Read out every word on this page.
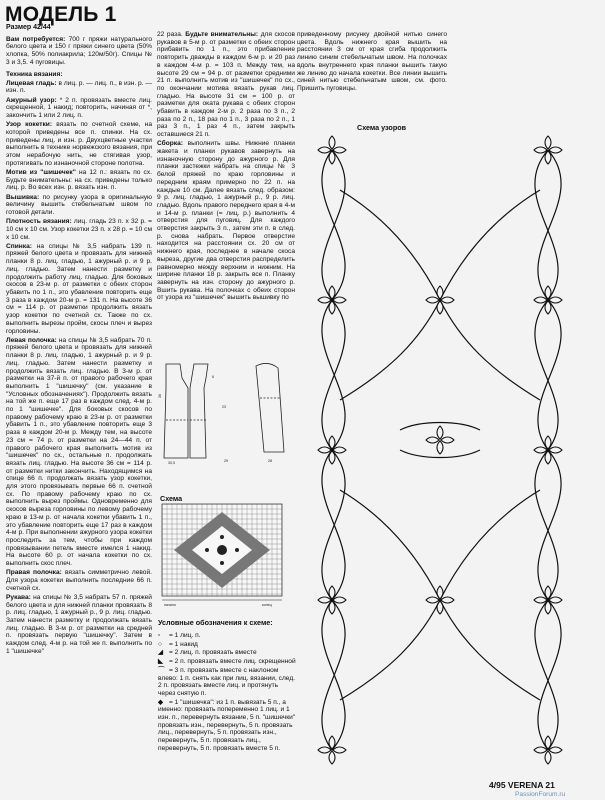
МОДЕЛЬ 1

Размер 42/44

Вам потребуется: 700 г пряжи натурального белого цвета и 150 г пряжи синего цвета (50% хлопка, 50% полиакрила; 120м/50г). Спицы № 3 и 3,5. 4 пуговицы.

Техника вязания:

Лицевая гладь: в лиц. р. — лиц. п., в изн. р. — изн. п.

Ажурный узор: * 2 п. провязать вместе лиц. скрещенной, 1 накид; повторить, начиная от *, закончить 1 или 2 лиц. п.

Узор кокетки: вязать по счетной схеме, на которой приведены все п. спинки. На сх. приведены лиц. и изн. р. Двухцветные участки выполнить в технике норвежского вязания, при этом нерабочую нить, не стягивая узор, протягивать по изнаночной стороне полотна.

Мотив из "шишечек" на 12 п.: вязать по сх. Будьте внимательны: на сх. приведены только лиц. р. Во всех изн. р. вязать изн. п.

Вышивка: по рисунку узора в оригинальную величину вышить стебельчатым швом по готовой детали.

Плотность вязания: лиц. гладь 23 п. x 32 р. = 10 см x 10 см. Узор кокетки 23 п. x 28 р. = 10 см x 10 см.

Спинка: на спицы № 3,5 набрать 139 п. пряжей белого цвета и провязать для нижней планки 8 р. лиц. гладью, 1 ажурный р. и 9 р. лиц. гладью. Затем нанести разметку и продолжить работу лиц. гладью. Для боковых скосов в 23-м р. от разметки с обеих сторон убавить по 1 п., это убавление повторить еще 3 раза в каждом 20-м р. = 131 п. На высоте 36 см = 114 р. от разметки продолжить вязать узор кокетки по счетной сх. Также по сх. выполнить вырезы пройм, скосы плеч и вырез горловины.

Левая полочка: на спицы № 3,5 набрать 70 п. пряжей белого цвета и провязать для нижней планки 8 р. лиц. гладью, 1 ажурный р. и 9 р. лиц. гладью. Затем нанести разметку и продолжить вязать лиц. гладью. В 3-м р. от разметки на 37-й п. от правого рабочего края выполнить 1 "шишечку" (см. указание в "Условных обозначениях"). Продолжить вязать на той же п. еще 17 раз в каждом след. 4-м р. по 1 "шишечке". Для боковых скосов по правому рабочему краю в 23-м р. от разметки убавить 1 п., это убавление повторить еще 3 раза в каждом 20-м р. Между тем, на высоте 23 см = 74 р. от разметки на 24—44 п. от правого рабочего края выполнить мотив из "шишечек" по сх., остальные п. продолжать вязать лиц. гладью. На высоте 36 см = 114 р. от разметки нитки закончить. Находящимся на спице 66 п. продолжать вязать узор кокетки, для этого провязывать первые 66 п. счетной сх. По правому рабочему краю по сх. выполнить вырез проймы. Одновременно для скосов выреза горловины по левому рабочему краю в 13-м р. от начала кокетки убавить 1 п., это убавление повторить еще 17 раз в каждом 4-м р. При выполнении ажурного узора кокетки проследить за тем, чтобы при каждом провязывании петель вместе имелся 1 накид. На высоте 60 р. от начала кокетки по сх. выполнить скос плеч.

Правая полочка: вязать симметрично левой. Для узора кокетки выполнить последние 66 п. счетной сх.

Рукава: на спицы № 3,5 набрать 57 п. пряжей белого цвета и для нижней планки провязать 8 р. лиц. гладью, 1 ажурный р., 9 р. лиц. гладью. Затем нанести разметку и продолжать вязать лиц. гладью. В 3-м р. от разметки на средней п. провязать первую "шишечку". Затем в каждом след. 4-м р. на той же п. выполнить по 1 "шишечке"

22 раза. Будьте внимательны: для скосов рукавов в 5-м р. от разметки с обеих сторон прибавить по 1 п., это прибавление повторить дважды в каждом 6-м р. и 20 раз в каждом 4-м р. = 103 п. Между тем, на высоте 29 см = 94 р. от разметки средними 21 п. выполнить мотив из "шишечек" по сх., по окончании мотива вязать рукав лиц. гладью. На высоте 31 см = 100 р. от разметки для оката рукава с обеих сторон убавить в каждом 2-м р. 2 раза по 3 п., 2 раза по 2 п., 18 раз по 1 п., 3 раза по 2 п., 1 раз 3 п., 1 раз 4 п., затем закрыть оставшиеся 21 п.

Сборка: выполнить швы. Нижние планки жакета и планки рукавов завернуть на изнаночную сторону до ажурного р. Для планки застежки набрать на спицы № 3 белой пряжей по краю горловины и передним краям примерно по 22 п. на каждые 10 см. Далее вязать след. образом: 9 р. лиц. гладью, 1 ажурный р., 9 р. лиц. гладью. Вдоль правого переднего края в 4-м и 14-м р. планки (= лиц. р.) выполнить 4 отверстия для пуговиц. Для каждого отверстия закрыть 3 п., затем эти п. в след. р. снова набрать. Первое отверстие находится на расстоянии сх. 20 см от нижнего края, последнее в начале скоса выреза, другие два отверстия распределить равномерно между верхним и нижним. На ширине планки 18 р. закрыть все п. Планку завернуть на изн. сторону до ажурного р. Вшить рукава. На полочках с обеих сторон от узора из "шишечек" вышить вышивку по

36
6
23
30,5	29	28
Схема
начало	конец
Условные обозначения к схеме:
▫ = 1 лиц. п.
○ = 1 накид
◢ = 2 лиц. п. провязать вместе
◣ = 2 п. провязать вместе лиц. скрещенной
⌒ = 3 п. провязать вместе с наклоном влево: 1 п. снять как при лиц. вязании, след. 2 п. провязать вместе лиц. и протянуть через снятую п.
◆ = 1 "шишечка": из 1 п. вывязать 5 п., а именно: провязать попеременно 1 лиц. и 1 изн. п., перевернуть вязание, 5 п. "шишечки" провязать изн., перевернуть, 5 п. провязать лиц., перевернуть, 5 п. провязать изн., перевернуть, 5 п. провязать лиц., перевернуть, 5 п. провязать вместе 5 п.

приведенному рисунку двойной нитью синего цвета. Вдоль нижнего края вышить на расстоянии 3 см от края сгиба продолжить линию синим стебельчатым швом. На полочках вдоль внутреннего края планки вышить такую же линию до начала кокетки. Все линии вышить синей нитью стебельчатым швом, см. фото. Пришить пуговицы.

Схема узоров
4/95 VERENA 21
PassionForum.ru
